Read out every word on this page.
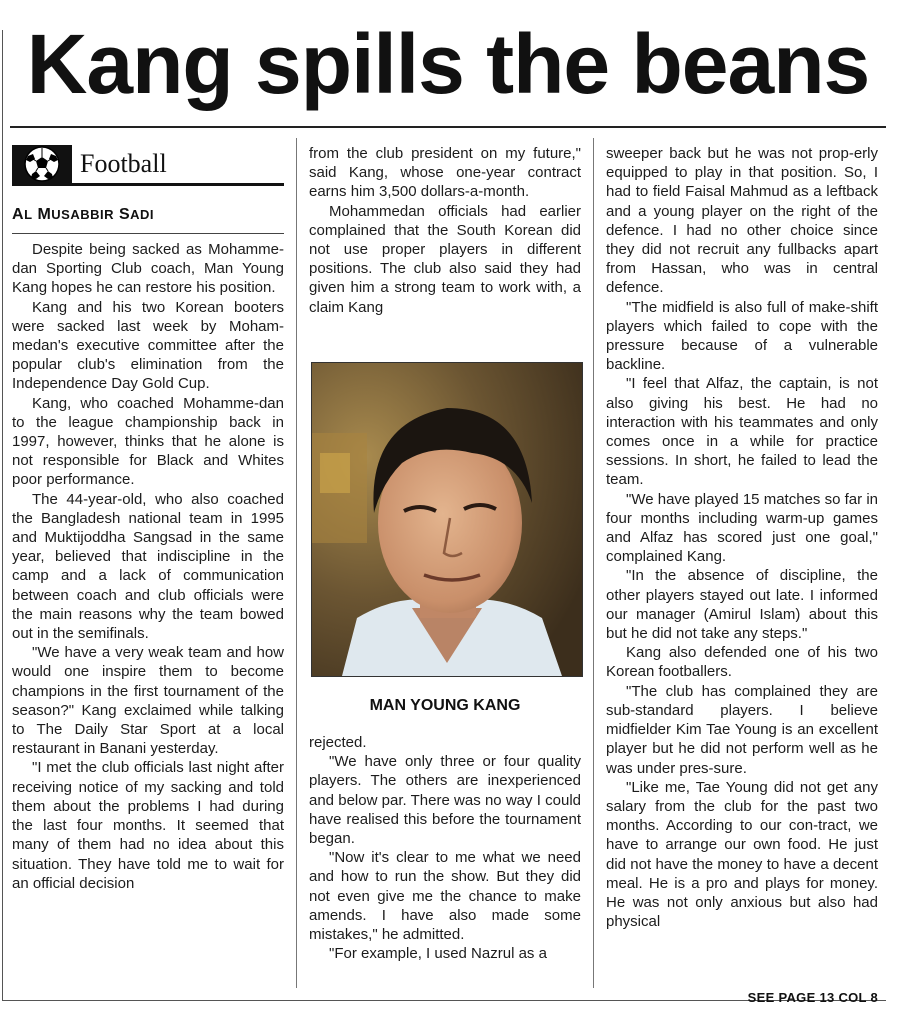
Kang spills the beans
Football
AL MUSABBIR SADI

Despite being sacked as Mohamme-dan Sporting Club coach, Man Young Kang hopes he can restore his position.

Kang and his two Korean booters were sacked last week by Moham-medan's executive committee after the popular club's elimination from the Independence Day Gold Cup.

Kang, who coached Mohamme-dan to the league championship back in 1997, however, thinks that he alone is not responsible for Black and Whites poor performance.

The 44-year-old, who also coached the Bangladesh national team in 1995 and Muktijoddha Sangsad in the same year, believed that indiscipline in the camp and a lack of communication between coach and club officials were the main reasons why the team bowed out in the semifinals.

"We have a very weak team and how would one inspire them to become champions in the first tournament of the season?" Kang exclaimed while talking to The Daily Star Sport at a local restaurant in Banani yesterday.

"I met the club officials last night after receiving notice of my sacking and told them about the problems I had during the last four months. It seemed that many of them had no idea about this situation. They have told me to wait for an official decision

from the club president on my future," said Kang, whose one-year contract earns him 3,500 dollars-a-month.

Mohammedan officials had earlier complained that the South Korean did not use proper players in different positions. The club also said they had given him a strong team to work with, a claim Kang

MAN YOUNG KANG

rejected.

"We have only three or four quality players. The others are inexperienced and below par. There was no way I could have realised this before the tournament began.

"Now it's clear to me what we need and how to run the show. But they did not even give me the chance to make amends. I have also made some mistakes," he admitted.

"For example, I used Nazrul as a

sweeper back but he was not prop-erly equipped to play in that position. So, I had to field Faisal Mahmud as a leftback and a young player on the right of the defence. I had no other choice since they did not recruit any fullbacks apart from Hassan, who was in central defence.

"The midfield is also full of make-shift players which failed to cope with the pressure because of a vulnerable backline.

"I feel that Alfaz, the captain, is not also giving his best. He had no interaction with his teammates and only comes once in a while for practice sessions. In short, he failed to lead the team.

"We have played 15 matches so far in four months including warm-up games and Alfaz has scored just one goal," complained Kang.

"In the absence of discipline, the other players stayed out late. I informed our manager (Amirul Islam) about this but he did not take any steps."

Kang also defended one of his two Korean footballers.

"The club has complained they are sub-standard players. I believe midfielder Kim Tae Young is an excellent player but he did not perform well as he was under pres-sure.

"Like me, Tae Young did not get any salary from the club for the past two months. According to our con-tract, we have to arrange our own food. He just did not have the money to have a decent meal. He is a pro and plays for money. He was not only anxious but also had physical

SEE PAGE 13 COL 8
